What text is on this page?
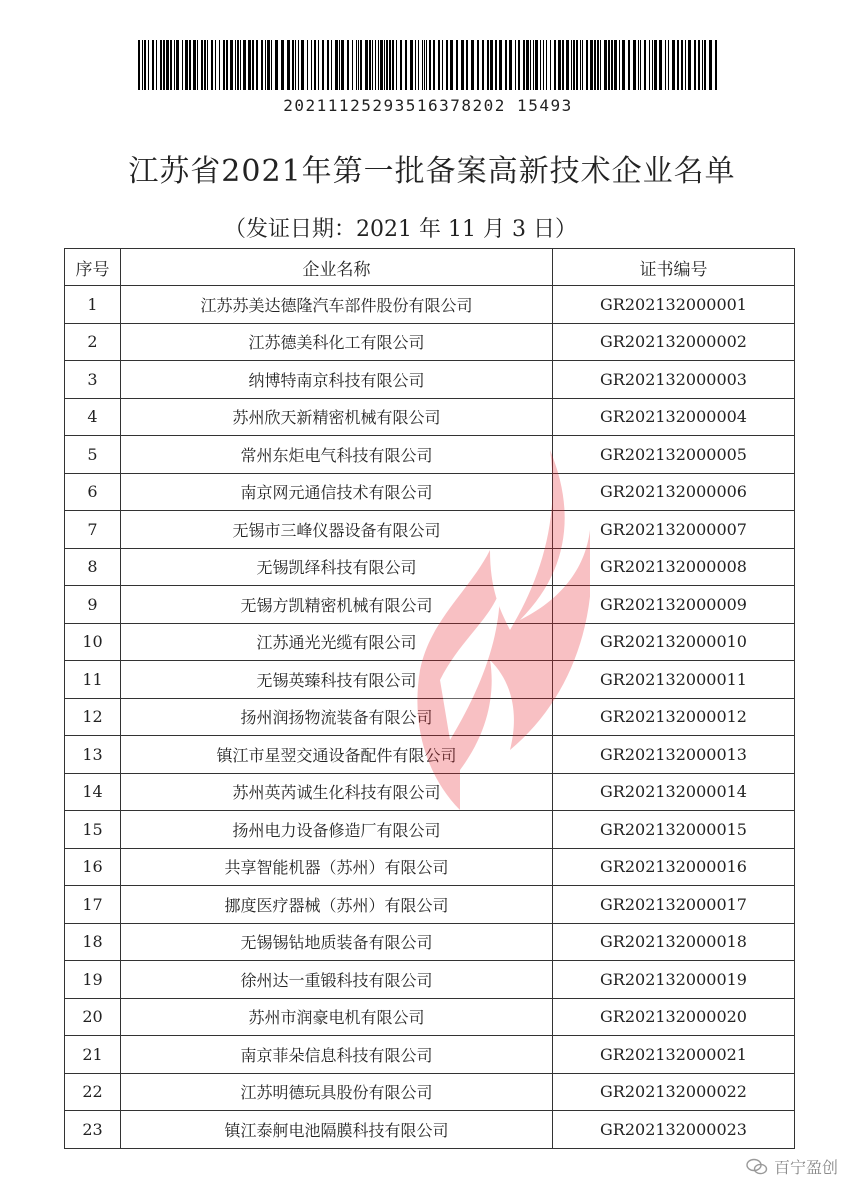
20211125293516378202 15493
江苏省2021年第一批备案高新技术企业名单
（发证日期：2021 年 11 月 3 日）
序号	企业名称	证书编号
1	江苏苏美达德隆汽车部件股份有限公司	GR202132000001
2	江苏德美科化工有限公司	GR202132000002
3	纳博特南京科技有限公司	GR202132000003
4	苏州欣天新精密机械有限公司	GR202132000004
5	常州东炬电气科技有限公司	GR202132000005
6	南京网元通信技术有限公司	GR202132000006
7	无锡市三峰仪器设备有限公司	GR202132000007
8	无锡凯绎科技有限公司	GR202132000008
9	无锡方凯精密机械有限公司	GR202132000009
10	江苏通光光缆有限公司	GR202132000010
11	无锡英臻科技有限公司	GR202132000011
12	扬州润扬物流装备有限公司	GR202132000012
13	镇江市星翌交通设备配件有限公司	GR202132000013
14	苏州英芮诚生化科技有限公司	GR202132000014
15	扬州电力设备修造厂有限公司	GR202132000015
16	共享智能机器（苏州）有限公司	GR202132000016
17	挪度医疗器械（苏州）有限公司	GR202132000017
18	无锡锡钻地质装备有限公司	GR202132000018
19	徐州达一重锻科技有限公司	GR202132000019
20	苏州市润豪电机有限公司	GR202132000020
21	南京菲朵信息科技有限公司	GR202132000021
22	江苏明德玩具股份有限公司	GR202132000022
23	镇江泰舸电池隔膜科技有限公司	GR202132000023
百宁盈创
